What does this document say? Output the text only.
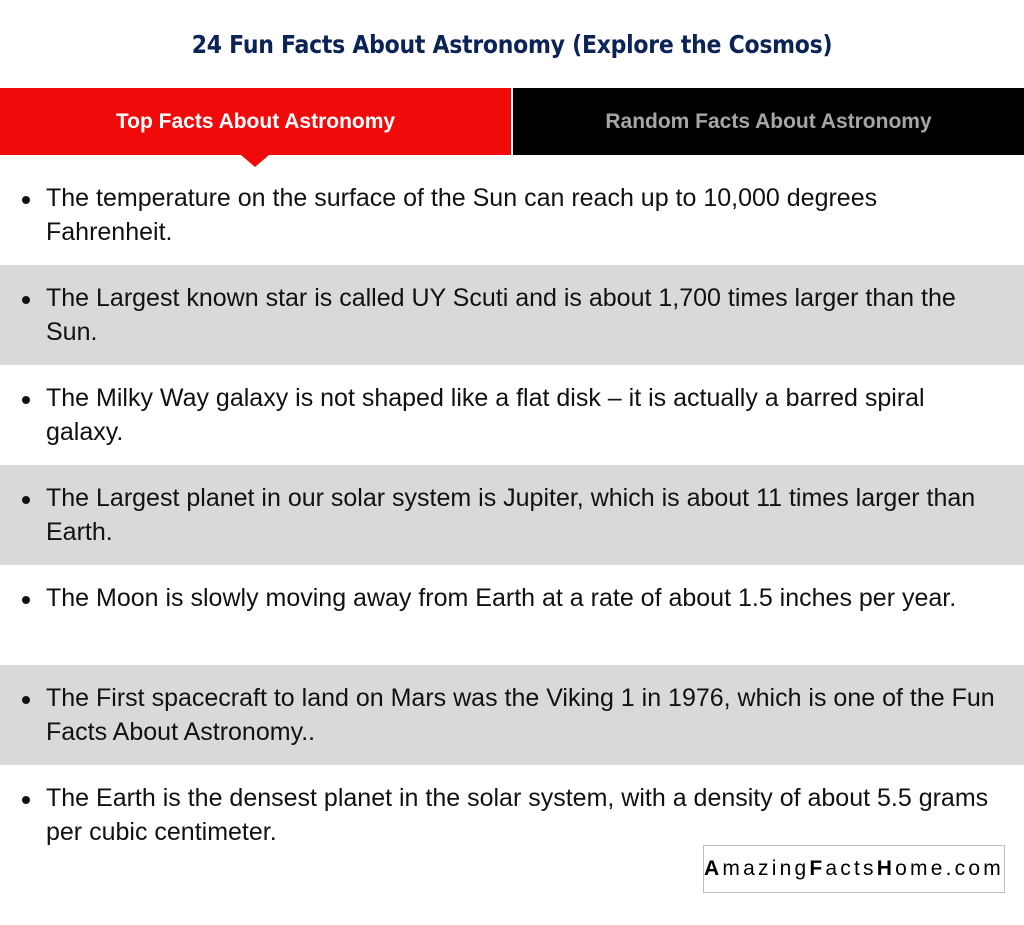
24 Fun Facts About Astronomy (Explore the Cosmos)
Top Facts About Astronomy	Random Facts About Astronomy
The temperature on the surface of the Sun can reach up to 10,000 degrees Fahrenheit.
The Largest known star is called UY Scuti and is about 1,700 times larger than the Sun.
The Milky Way galaxy is not shaped like a flat disk – it is actually a barred spiral galaxy.
The Largest planet in our solar system is Jupiter, which is about 11 times larger than Earth.
The Moon is slowly moving away from Earth at a rate of about 1.5 inches per year.
The First spacecraft to land on Mars was the Viking 1 in 1976, which is one of the Fun Facts About Astronomy..
The Earth is the densest planet in the solar system, with a density of about 5.5 grams per cubic centimeter.
AmazingFactsHome.com
